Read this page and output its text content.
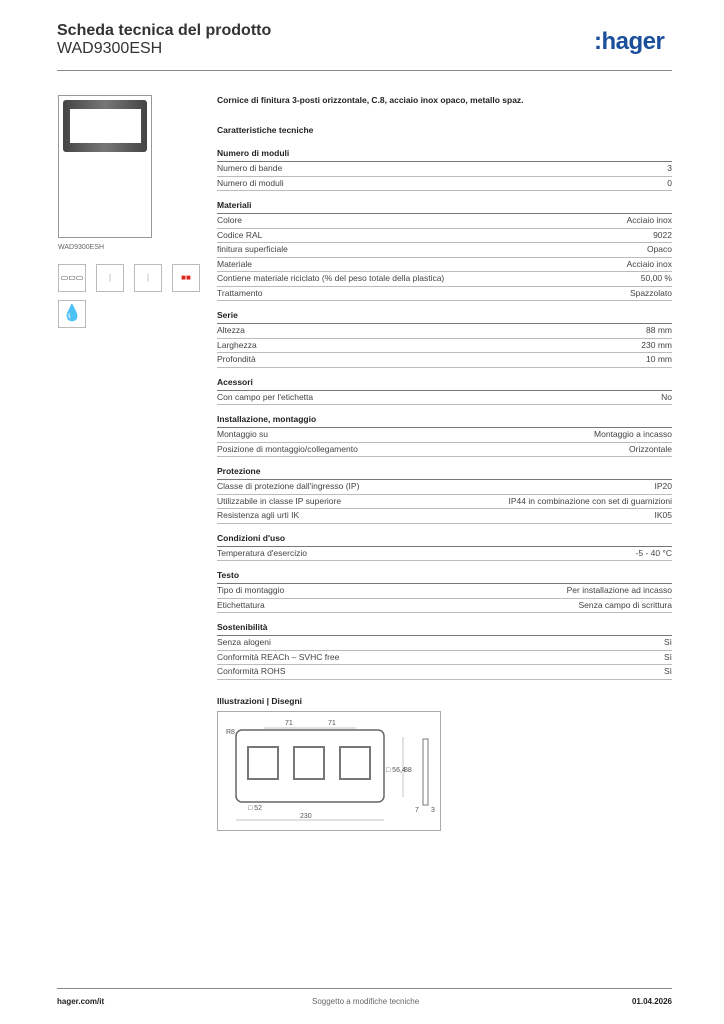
Scheda tecnica del prodotto
WAD9300ESH	:hager
WAD9300ESH
▭▭▭	|	|	■■
💧
Cornice di finitura 3-posti orizzontale, C.8, acciaio inox opaco, metallo spaz.
Caratteristiche tecniche
Numero di moduli
Numero di bande	3
Numero di moduli	0
Materiali
Colore	Acciaio inox
Codice RAL	9022
finitura superficiale	Opaco
Materiale	Acciaio inox
Contiene materiale riciclato (% del peso totale della plastica)	50,00 %
Trattamento	Spazzolato
Serie
Altezza	88 mm
Larghezza	230 mm
Profondità	10 mm
Acessori
Con campo per l'etichetta	No
Installazione, montaggio
Montaggio su	Montaggio a incasso
Posizione di montaggio/collegamento	Orizzontale
Protezione
Classe di protezione dall'ingresso (IP)	IP20
Utilizzabile in classe IP superiore	IP44 in combinazione con set di guarnizioni
Resistenza agli urti IK	IK05
Condizioni d'uso
Temperatura d'esercizio	-5 - 40 °C
Testo
Tipo di montaggio	Per installazione ad incasso
Etichettatura	Senza campo di scrittura
Sostenibilità
Senza alogeni	Sì
Conformità REACh – SVHC free	Sì
Conformità ROHS	Sì
Illustrazioni | Disegni
71	71
R8
□ 56,4
88
□ 52
230
7 3
hager.com/it	Soggetto a modifiche tecniche	01.04.2026
